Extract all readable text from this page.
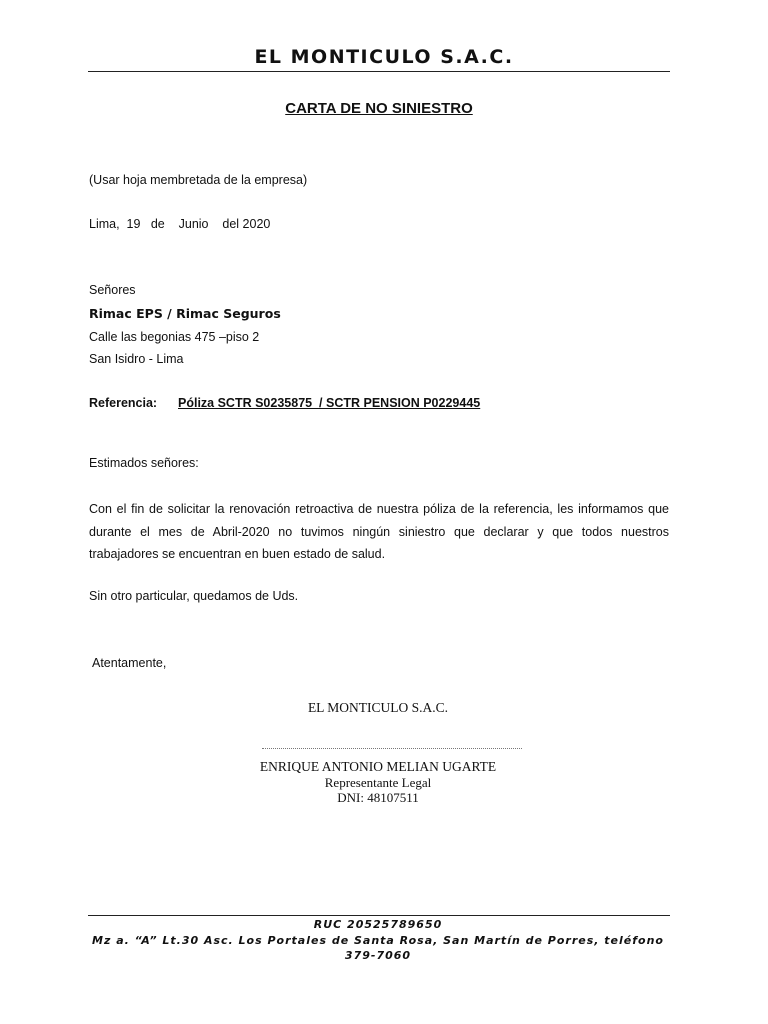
EL MONTICULO S.A.C.
CARTA DE NO SINIESTRO
(Usar hoja membretada de la empresa)
Lima,  19   de    Junio    del 2020
Señores
Rimac EPS / Rimac Seguros
Calle las begonias 475 –piso 2
San Isidro - Lima
Referencia: Póliza SCTR S0235875  / SCTR PENSION P0229445
Estimados señores:
Con el fin de solicitar la renovación retroactiva de nuestra póliza de la referencia, les informamos que durante el mes de Abril-2020 no tuvimos ningún siniestro que declarar y que todos nuestros trabajadores se encuentran en buen estado de salud.
Sin otro particular, quedamos de Uds.
Atentamente,
EL MONTICULO S.A.C.
ENRIQUE ANTONIO MELIAN UGARTE
Representante Legal
DNI: 48107511
RUC 20525789650
Mz a. “A” Lt.30 Asc. Los Portales de Santa Rosa, San Martín de Porres, teléfono 379-7060
